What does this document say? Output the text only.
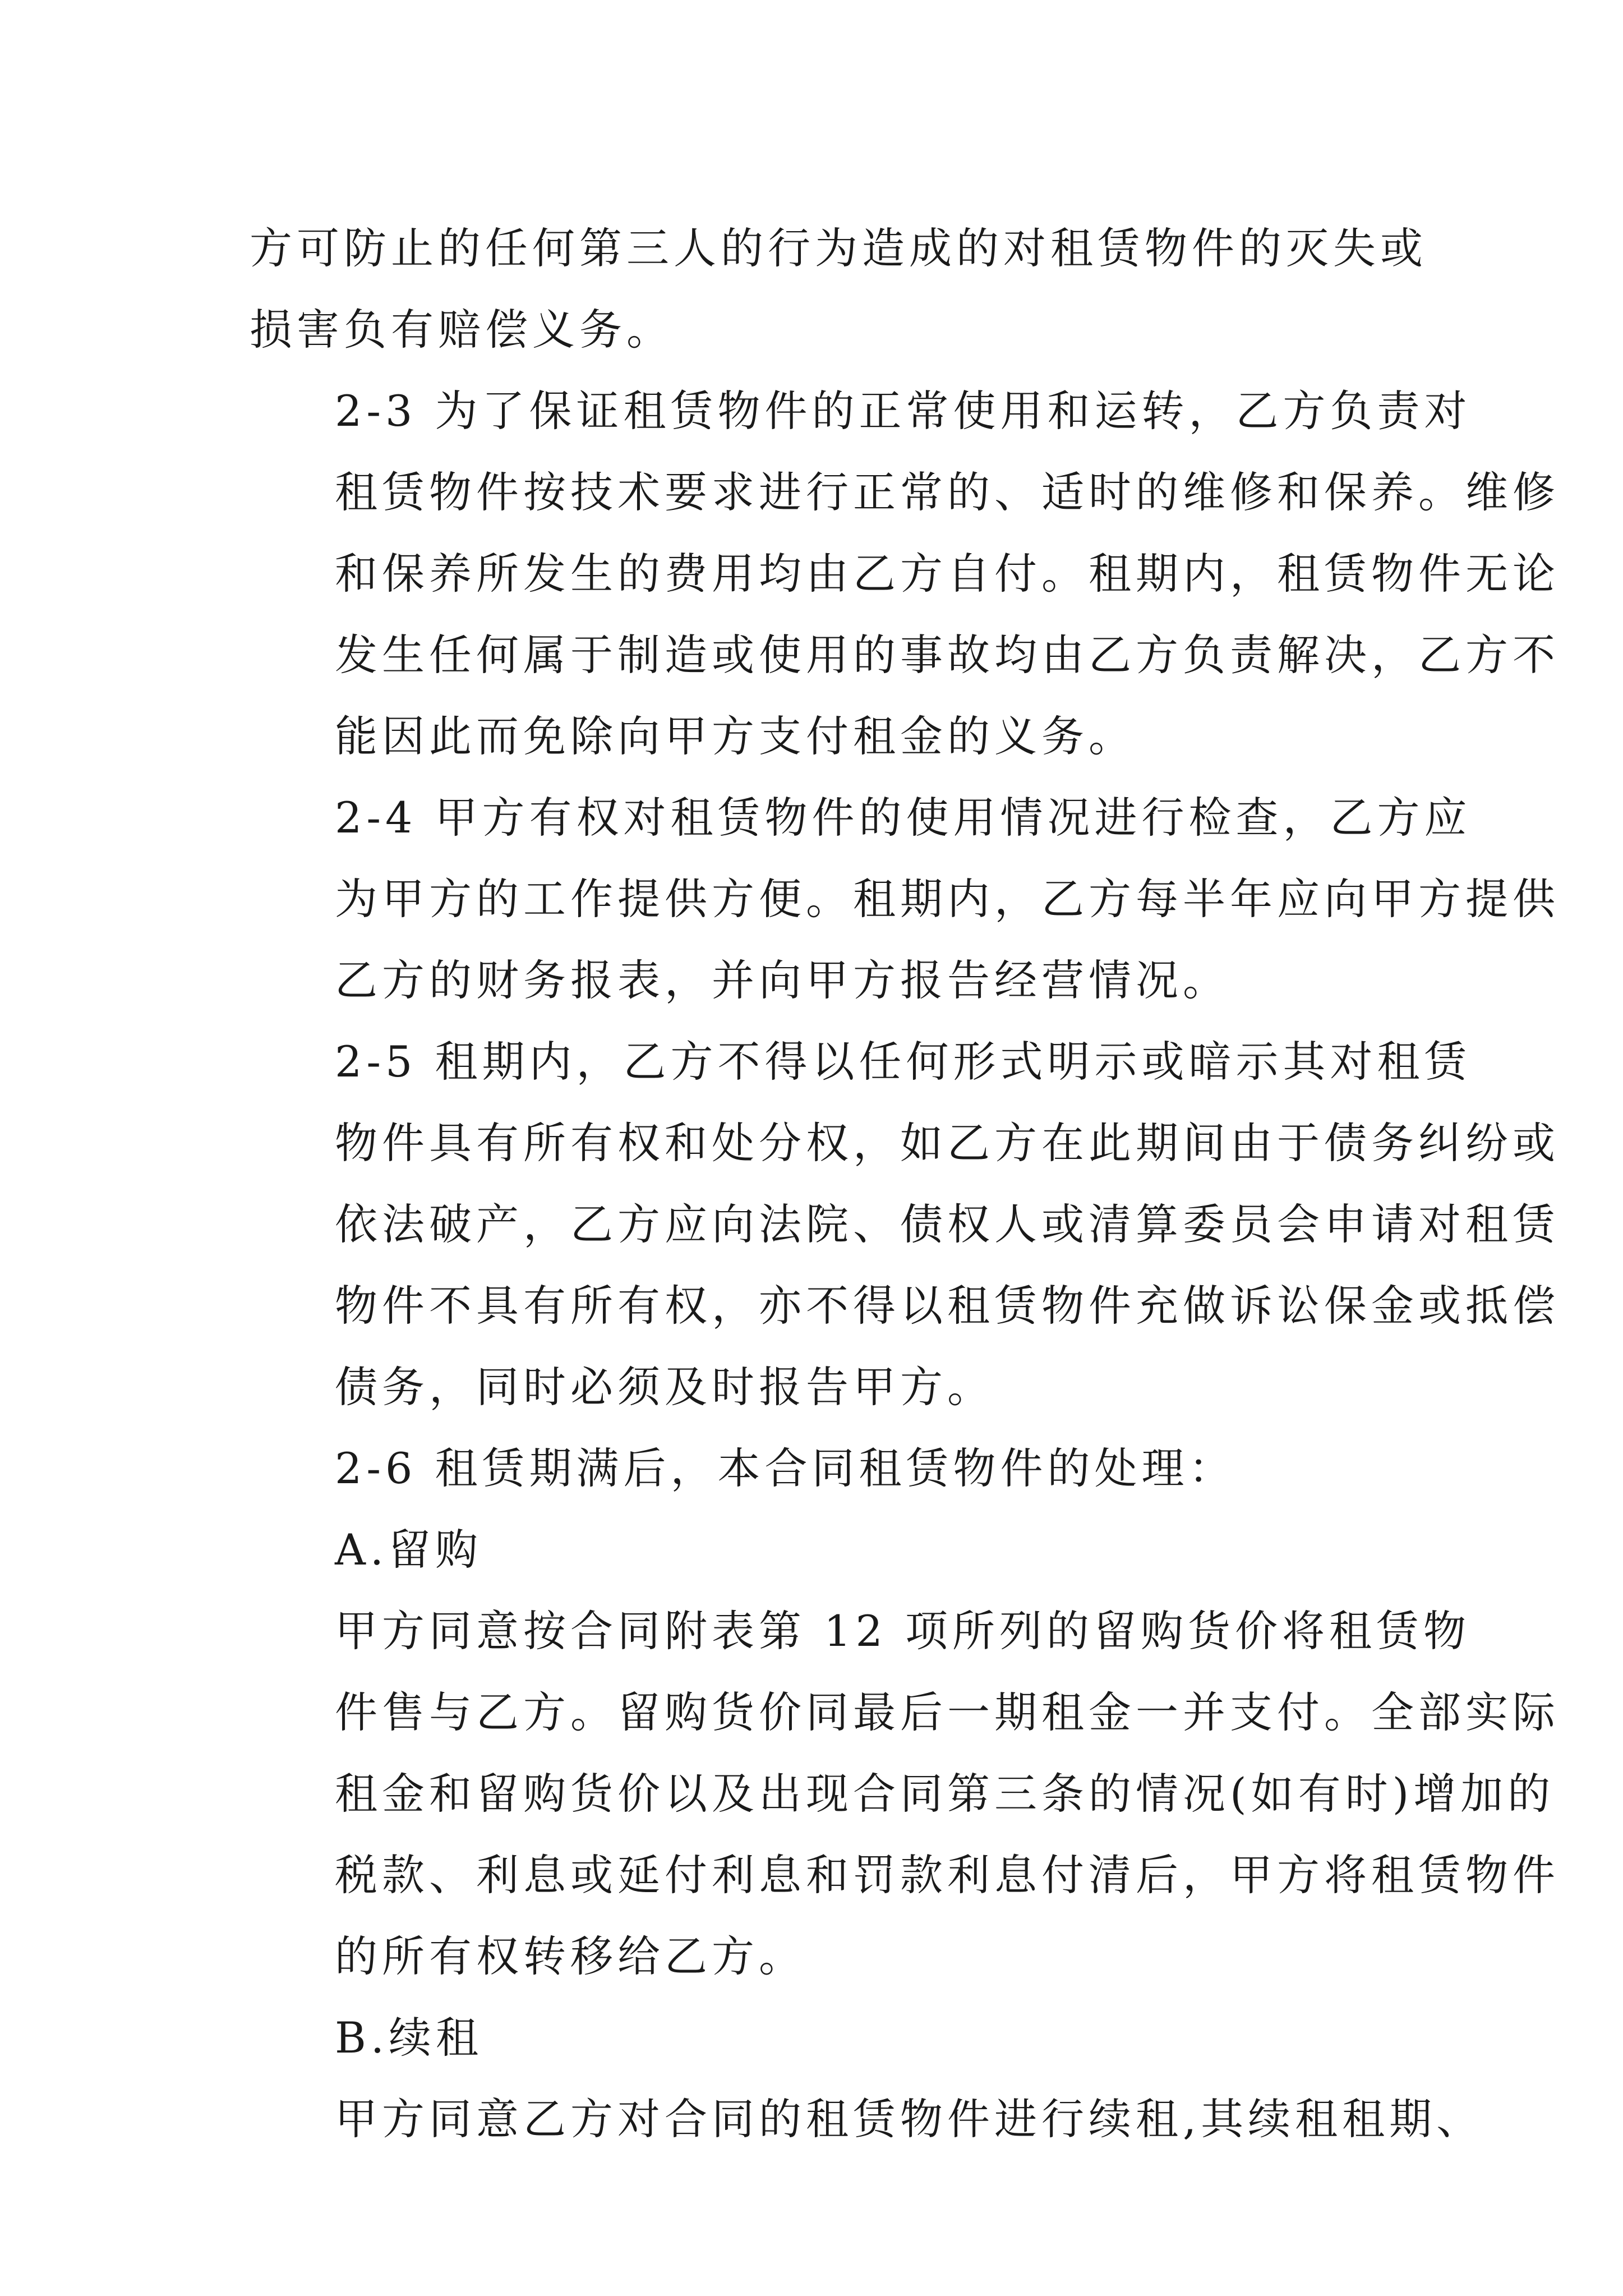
方可防止的任何第三人的行为造成的对租赁物件的灭失或
损害负有赔偿义务。

2-3 为了保证租赁物件的正常使用和运转，乙方负责对
租赁物件按技术要求进行正常的、适时的维修和保养。维修
和保养所发生的费用均由乙方自付。租期内，租赁物件无论
发生任何属于制造或使用的事故均由乙方负责解决，乙方不
能因此而免除向甲方支付租金的义务。

2-4 甲方有权对租赁物件的使用情况进行检查，乙方应
为甲方的工作提供方便。租期内，乙方每半年应向甲方提供
乙方的财务报表，并向甲方报告经营情况。

2-5 租期内，乙方不得以任何形式明示或暗示其对租赁
物件具有所有权和处分权，如乙方在此期间由于债务纠纷或
依法破产，乙方应向法院、债权人或清算委员会申请对租赁
物件不具有所有权，亦不得以租赁物件充做诉讼保金或抵偿
债务，同时必须及时报告甲方。

2-6 租赁期满后，本合同租赁物件的处理：

A.留购

甲方同意按合同附表第 12 项所列的留购货价将租赁物
件售与乙方。留购货价同最后一期租金一并支付。全部实际
租金和留购货价以及出现合同第三条的情况(如有时)增加的
税款、利息或延付利息和罚款利息付清后，甲方将租赁物件
的所有权转移给乙方。

B.续租

甲方同意乙方对合同的租赁物件进行续租,其续租租期、
